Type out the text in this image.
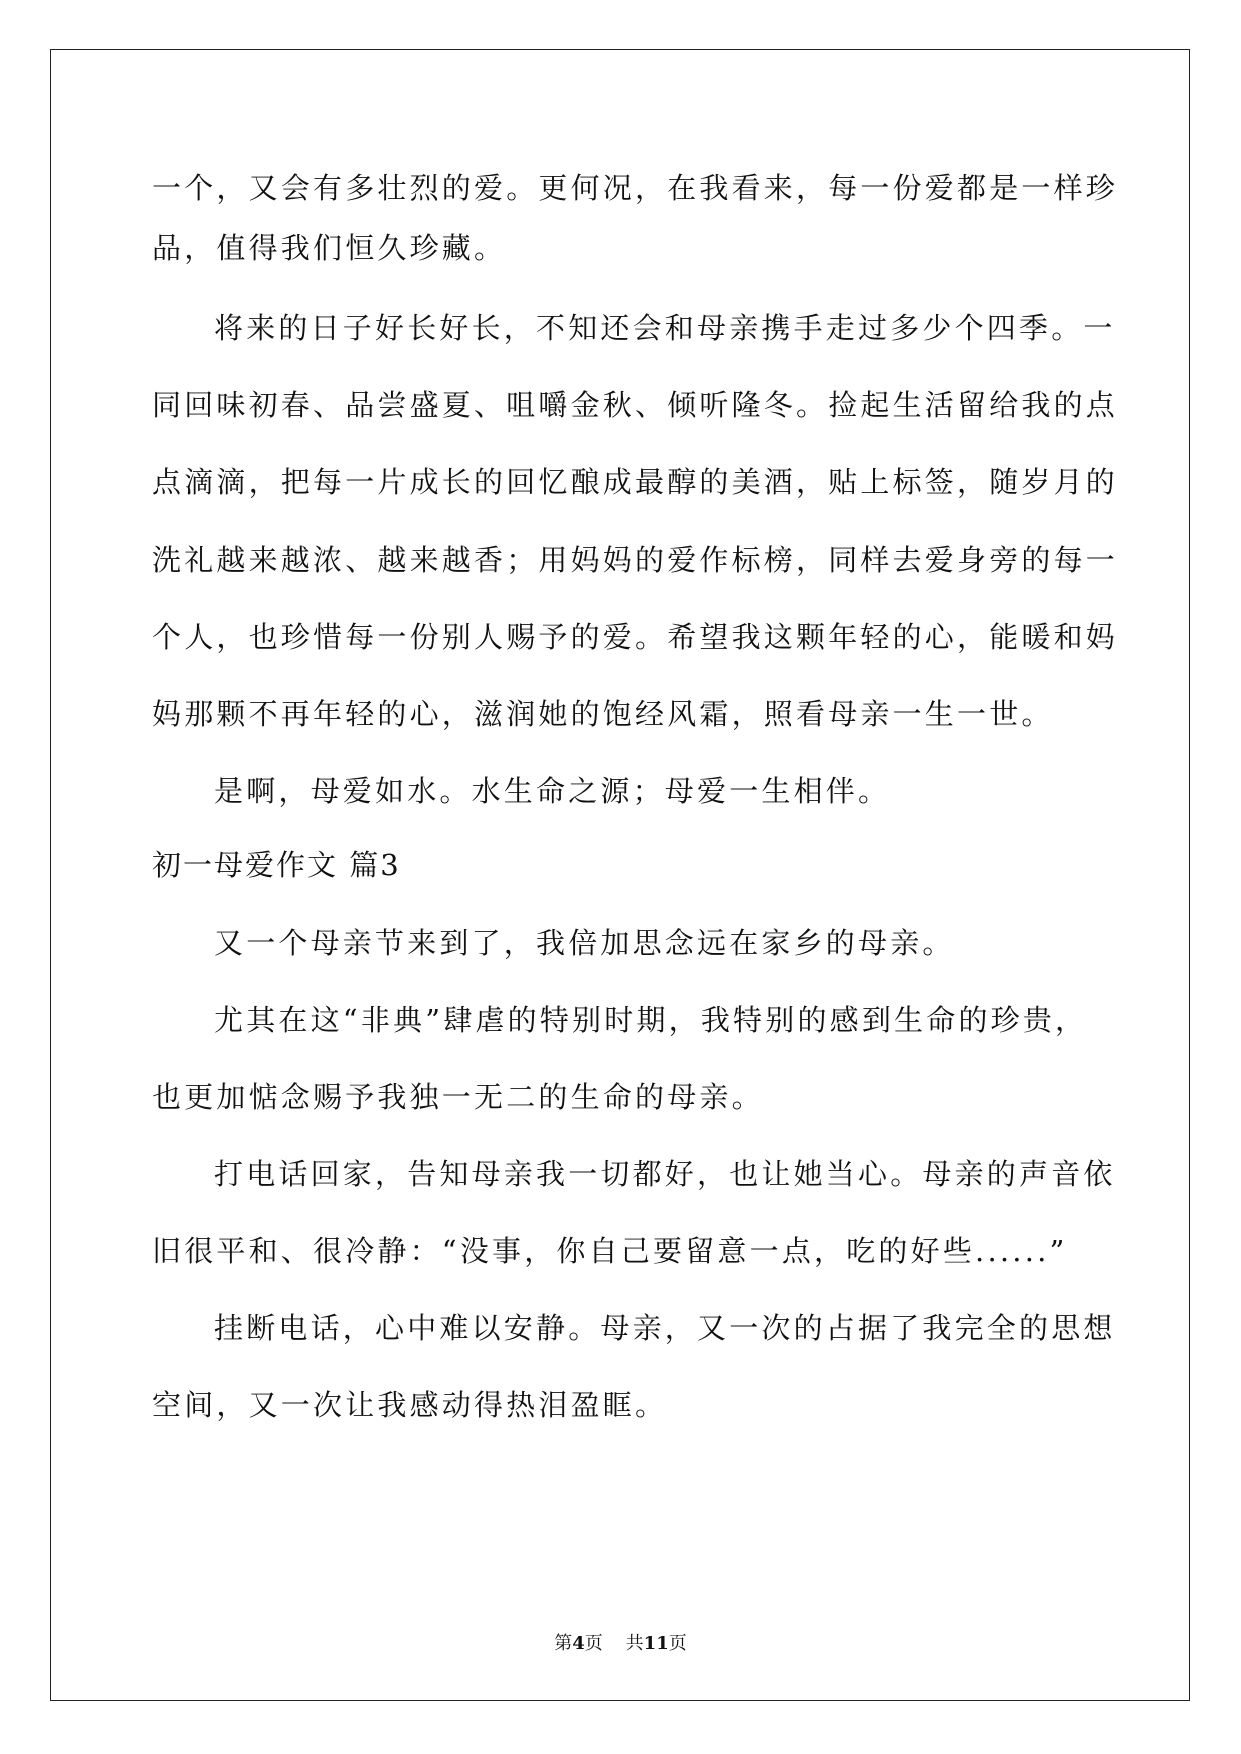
一个，又会有多壮烈的爱。更何况，在我看来，每一份爱都是一样珍
品，值得我们恒久珍藏。
将来的日子好长好长，不知还会和母亲携手走过多少个四季。一
同回味初春、品尝盛夏、咀嚼金秋、倾听隆冬。捡起生活留给我的点
点滴滴，把每一片成长的回忆酿成最醇的美酒，贴上标签，随岁月的
洗礼越来越浓、越来越香；用妈妈的爱作标榜，同样去爱身旁的每一
个人，也珍惜每一份别人赐予的爱。希望我这颗年轻的心，能暖和妈
妈那颗不再年轻的心，滋润她的饱经风霜，照看母亲一生一世。
是啊，母爱如水。水生命之源；母爱一生相伴。
初一母爱作文 篇3
又一个母亲节来到了，我倍加思念远在家乡的母亲。
尤其在这“非典”肆虐的特别时期，我特别的感到生命的珍贵，
也更加惦念赐予我独一无二的生命的母亲。
打电话回家，告知母亲我一切都好，也让她当心。母亲的声音依
旧很平和、很冷静：“没事，你自己要留意一点，吃的好些......”
挂断电话，心中难以安静。母亲，又一次的占据了我完全的思想
空间，又一次让我感动得热泪盈眶。
第4页 共11页
